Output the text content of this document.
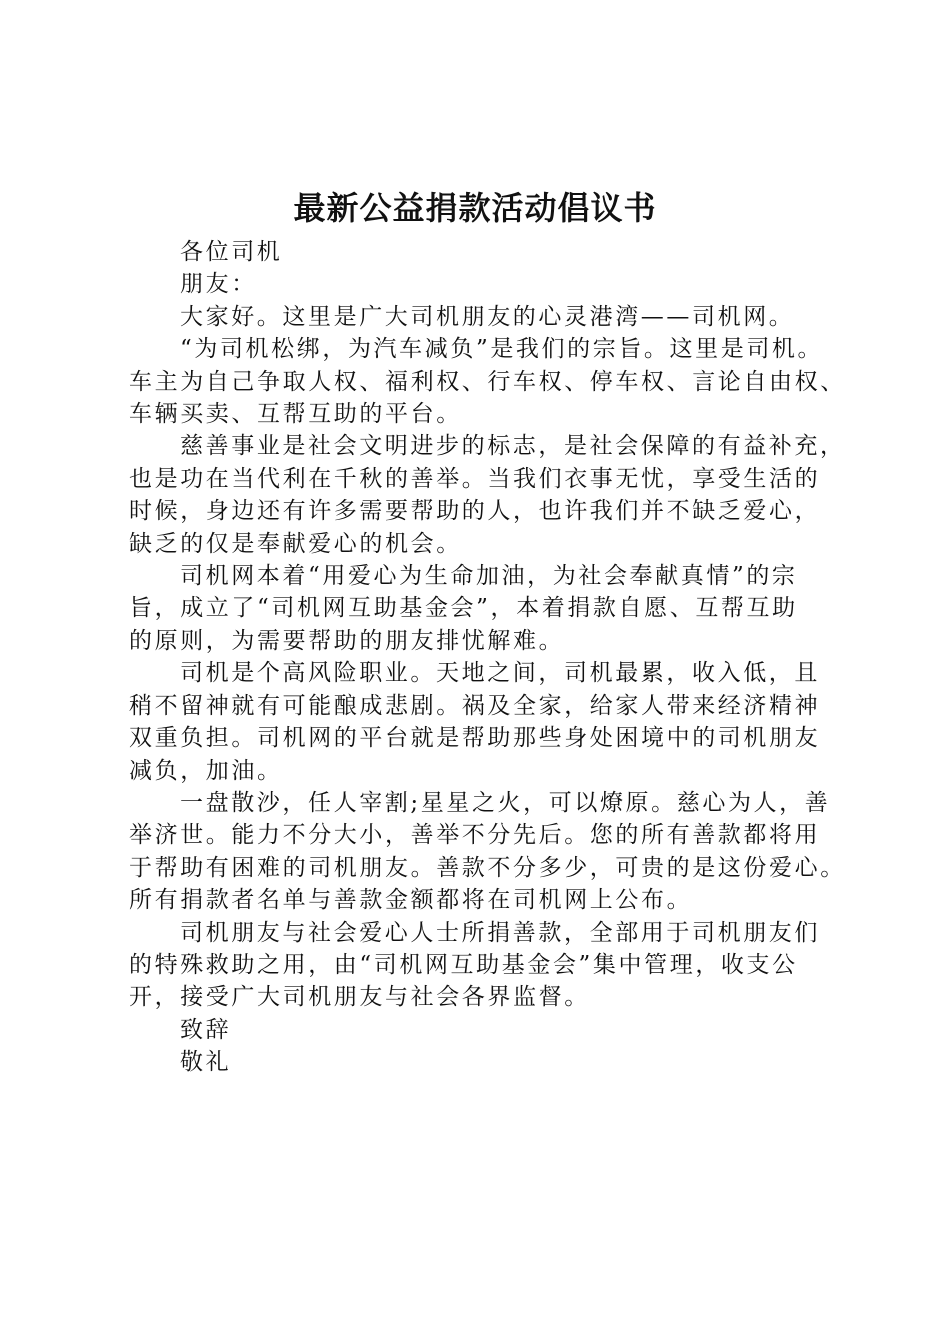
最新公益捐款活动倡议书

各位司机

朋友：

大家好。这里是广大司机朋友的心灵港湾——司机网。

“为司机松绑，为汽车减负”是我们的宗旨。这里是司机。

车主为自己争取人权、福利权、行车权、停车权、言论自由权、

车辆买卖、互帮互助的平台。

慈善事业是社会文明进步的标志，是社会保障的有益补充，

也是功在当代利在千秋的善举。当我们衣事无忧，享受生活的

时候，身边还有许多需要帮助的人，也许我们并不缺乏爱心，

缺乏的仅是奉献爱心的机会。

司机网本着“用爱心为生命加油，为社会奉献真情”的宗

旨，成立了“司机网互助基金会”，本着捐款自愿、互帮互助

的原则，为需要帮助的朋友排忧解难。

司机是个高风险职业。天地之间，司机最累，收入低，且

稍不留神就有可能酿成悲剧。祸及全家，给家人带来经济精神

双重负担。司机网的平台就是帮助那些身处困境中的司机朋友

减负，加油。

一盘散沙，任人宰割;星星之火，可以燎原。慈心为人，善

举济世。能力不分大小，善举不分先后。您的所有善款都将用

于帮助有困难的司机朋友。善款不分多少，可贵的是这份爱心。

所有捐款者名单与善款金额都将在司机网上公布。

司机朋友与社会爱心人士所捐善款，全部用于司机朋友们

的特殊救助之用，由“司机网互助基金会”集中管理，收支公

开，接受广大司机朋友与社会各界监督。

致辞

敬礼
